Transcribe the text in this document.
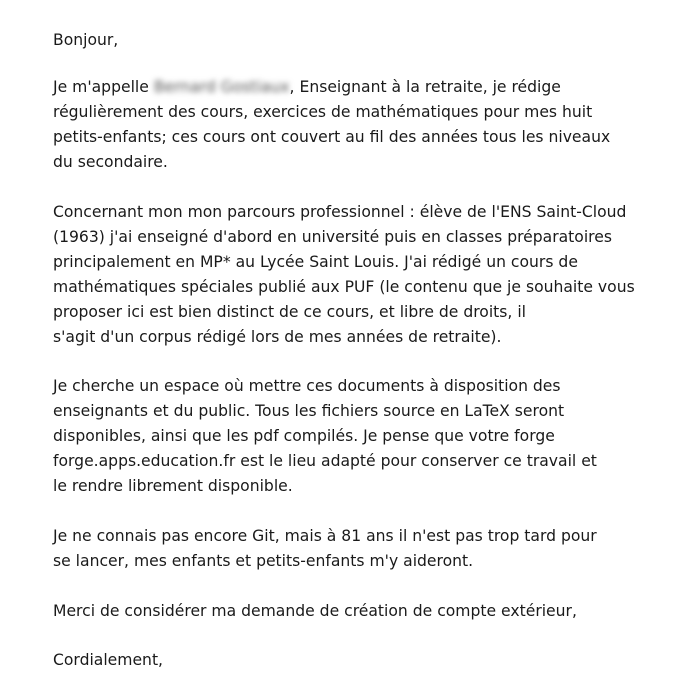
Bonjour,
Je m'appelle Bernard Gostiaux, Enseignant à la retraite, je rédige
régulièrement des cours, exercices de mathématiques pour mes huit
petits-enfants; ces cours ont couvert au fil des années tous les niveaux
du secondaire.
Concernant mon mon parcours professionnel : élève de l'ENS Saint-Cloud
(1963) j'ai enseigné d'abord en université puis en classes préparatoires
principalement en MP* au Lycée Saint Louis. J'ai rédigé un cours de
mathématiques spéciales publié aux PUF (le contenu que je souhaite vous
proposer ici est bien distinct de ce cours, et libre de droits, il
s'agit d'un corpus rédigé lors de mes années de retraite).
Je cherche un espace où mettre ces documents à disposition des
enseignants et du public. Tous les fichiers source en LaTeX seront
disponibles, ainsi que les pdf compilés. Je pense que votre forge
forge.apps.education.fr est le lieu adapté pour conserver ce travail et
le rendre librement disponible.
Je ne connais pas encore Git, mais à 81 ans il n'est pas trop tard pour
se lancer, mes enfants et petits-enfants m'y aideront.
Merci de considérer ma demande de création de compte extérieur,
Cordialement,
